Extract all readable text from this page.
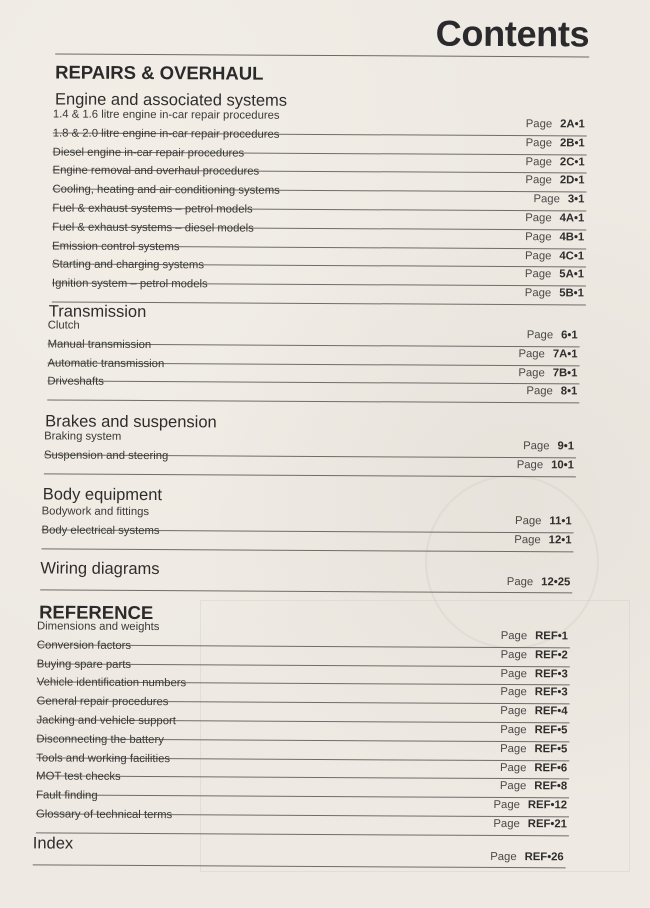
Contents
REPAIRS & OVERHAUL
Engine and associated systems
1.4 & 1.6 litre engine in-car repair procedures
Page 2A•1
1.8 & 2.0 litre engine in-car repair procedures
Page 2B•1
Diesel engine in-car repair procedures
Page 2C•1
Engine removal and overhaul procedures
Page 2D•1
Cooling, heating and air conditioning systems
Page 3•1
Fuel & exhaust systems – petrol models
Page 4A•1
Fuel & exhaust systems – diesel models
Page 4B•1
Emission control systems
Page 4C•1
Starting and charging systems
Page 5A•1
Ignition system – petrol models
Page 5B•1
Transmission
Clutch
Page 6•1
Manual transmission
Page 7A•1
Automatic transmission
Page 7B•1
Driveshafts
Page 8•1
Brakes and suspension
Braking system
Page 9•1
Suspension and steering
Page 10•1
Body equipment
Bodywork and fittings
Page 11•1
Body electrical systems
Page 12•1
Wiring diagrams
Page 12•25
REFERENCE
Dimensions and weights
Page REF•1
Conversion factors
Page REF•2
Buying spare parts
Page REF•3
Vehicle identification numbers
Page REF•3
General repair procedures
Page REF•4
Jacking and vehicle support
Page REF•5
Disconnecting the battery
Page REF•5
Tools and working facilities
Page REF•6
MOT test checks
Page REF•8
Fault finding
Page REF•12
Glossary of technical terms
Page REF•21
Index
Page REF•26
